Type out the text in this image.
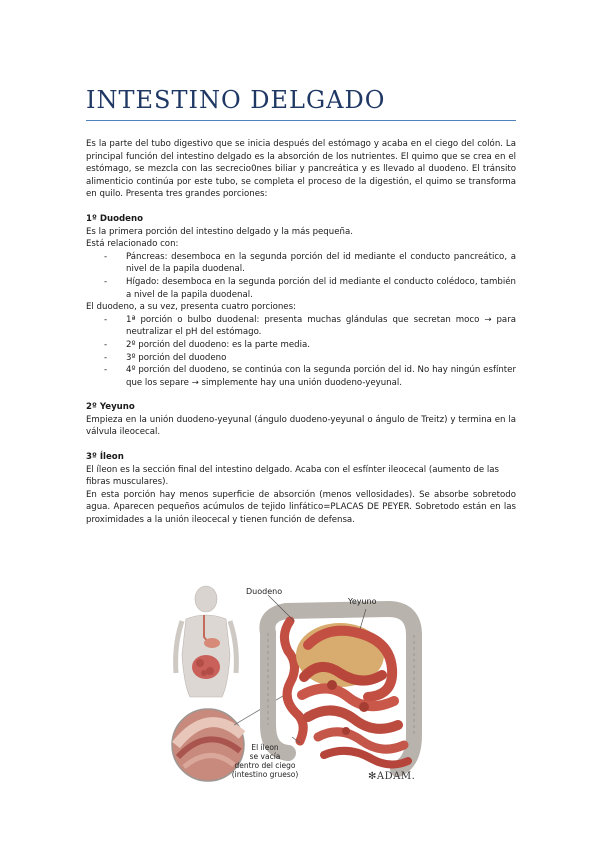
INTESTINO DELGADO

Es la parte del tubo digestivo que se inicia después del estómago y acaba en el ciego del colón. La principal función del intestino delgado es la absorción de los nutrientes. El quimo que se crea en el estómago, se mezcla con las secrecio0nes biliar y pancreática y es llevado al duodeno. El tránsito alimenticio continúa por este tubo, se completa el proceso de la digestión, el quimo se transforma en quilo. Presenta tres grandes porciones:

1º Duodeno

Es la primera porción del intestino delgado y la más pequeña.

Está relacionado con:

- Páncreas: desemboca en la segunda porción del id mediante el conducto pancreático, a nivel de la papila duodenal.
- Hígado: desemboca en la segunda porción del id mediante el conducto colédoco, también a nivel de la papila duodenal.

El duodeno, a su vez, presenta cuatro porciones:

- 1ª porción o bulbo duodenal: presenta muchas glándulas que secretan moco → para neutralizar el pH del estómago.
- 2º porción del duodeno: es la parte media.
- 3º porción del duodeno
- 4º porción del duodeno, se continúa con la segunda porción del id. No hay ningún esfínter que los separe → simplemente hay una unión duodeno-yeyunal.

2º Yeyuno

Empieza en la unión duodeno-yeyunal (ángulo duodeno-yeyunal o ángulo de Treitz) y termina en la válvula ileocecal.

3º Íleon

El íleon es la sección final del intestino delgado. Acaba con el esfínter ileocecal (aumento de las fibras musculares).

En esta porción hay menos superficie de absorción (menos vellosidades). Se absorbe sobretodo agua. Aparecen pequeños acúmulos de tejido linfático=PLACAS DE PEYER. Sobretodo están en las proximidades a la unión ileocecal y tienen función de defensa.

Duodeno
Yeyuno
El íleon
se vacía
dentro del ciego
(intestino grueso)	✻ADAM.
